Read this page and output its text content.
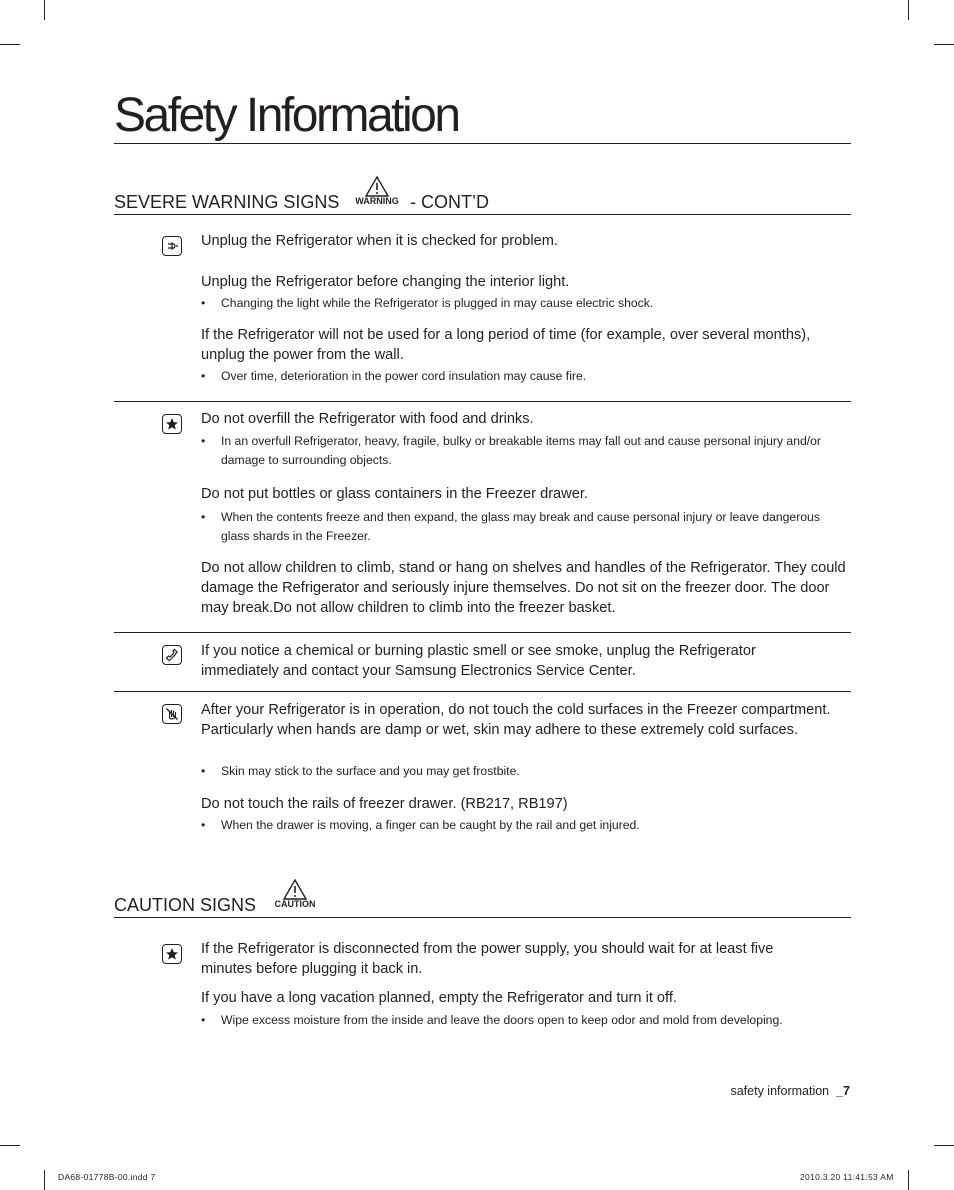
Safety Information
SEVERE WARNING SIGNS	WARNING - CONT’D

Unplug the Refrigerator when it is checked for problem.

Unplug the Refrigerator before changing the interior light.

• Changing the light while the Refrigerator is plugged in may cause electric shock.

If the Refrigerator will not be used for a long period of time (for example, over several months), unplug the power from the wall.

• Over time, deterioration in the power cord insulation may cause fire.

Do not overfill the Refrigerator with food and drinks.

• In an overfull Refrigerator, heavy, fragile, bulky or breakable items may fall out and cause personal injury and/or damage to surrounding objects.

Do not put bottles or glass containers in the Freezer drawer.

• When the contents freeze and then expand, the glass may break and cause personal injury or leave dangerous glass shards in the Freezer.

Do not allow children to climb, stand or hang on shelves and handles of the Refrigerator. They could damage the Refrigerator and seriously injure themselves. Do not sit on the freezer door. The door may break.Do not allow children to climb into the freezer basket.

If you notice a chemical or burning plastic smell or see smoke, unplug the Refrigerator immediately and contact your Samsung Electronics Service Center.

After your Refrigerator is in operation, do not touch the cold surfaces in the Freezer compartment. Particularly when hands are damp or wet, skin may adhere to these extremely cold surfaces.

• Skin may stick to the surface and you may get frostbite.

Do not touch the rails of freezer drawer. (RB217, RB197)

• When the drawer is moving, a finger can be caught by the rail and get injured.

CAUTION SIGNS	CAUTION

If the Refrigerator is disconnected from the power supply, you should wait for at least five minutes before plugging it back in.

If you have a long vacation planned, empty the Refrigerator and turn it off.

• Wipe excess moisture from the inside and leave the doors open to keep odor and mold from developing.

safety information _7
DA68-01778B-00.indd 7	2010.3.20 11:41:53 AM
